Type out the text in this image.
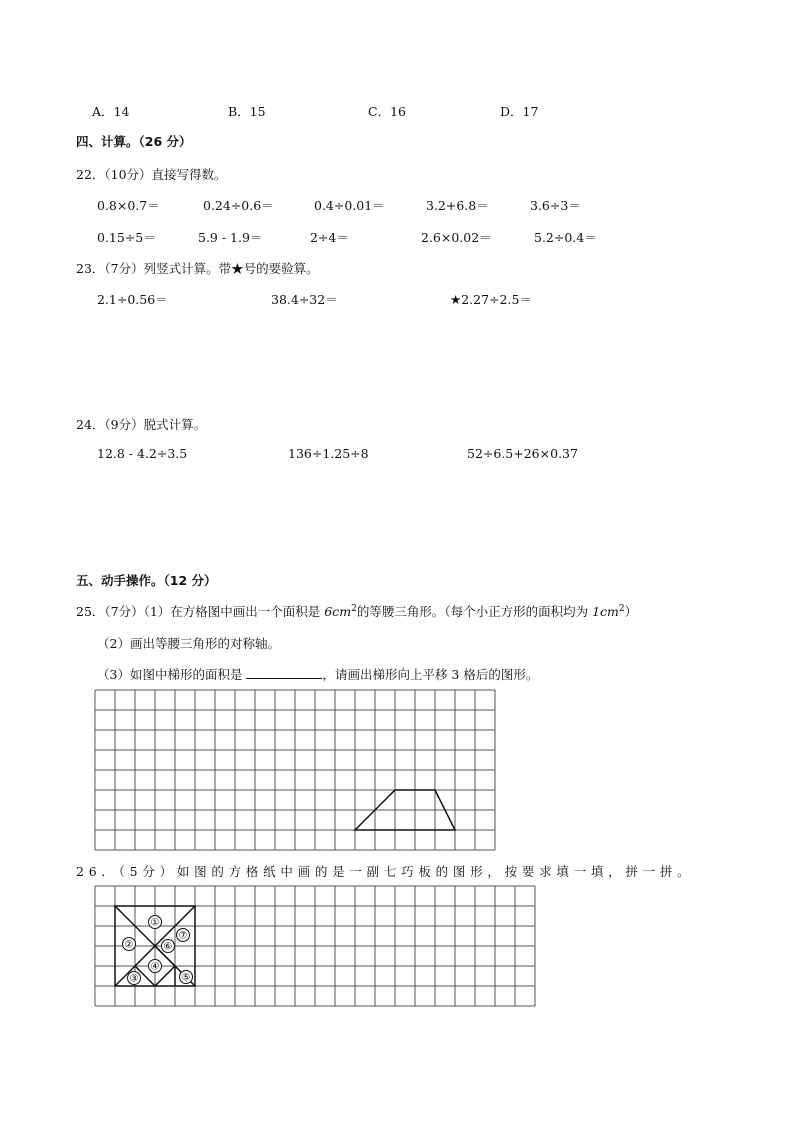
A．14	B．15	C．16	D．17
四、计算。（26 分）
22．（10分）直接写得数。
0.8×0.7＝	0.24÷0.6＝	0.4÷0.01＝	3.2+6.8＝	3.6÷3＝
0.15÷5＝	5.9 - 1.9＝	2÷4＝	2.6×0.02＝	5.2÷0.4＝
23．（7分）列竖式计算。带★号的要验算。
2.1÷0.56＝	38.4÷32＝	★2.27÷2.5＝
24．（9分）脱式计算。
12.8 - 4.2÷3.5	136÷1.25÷8	52÷6.5+26×0.37
五、动手操作。（12 分）
25．（7分）（1）在方格图中画出一个面积是 $6cm^2$的等腰三角形。（每个小正方形的面积均为 $1cm^2$）
（2）画出等腰三角形的对称轴。
（3）如图中梯形的面积是	，请画出梯形向上平移 3 格后的图形。
26．（5分）如图的方格纸中画的是一副七巧板的图形，按要求填一填，拼一拼。
①
②
③
④
⑤
⑥
⑦
